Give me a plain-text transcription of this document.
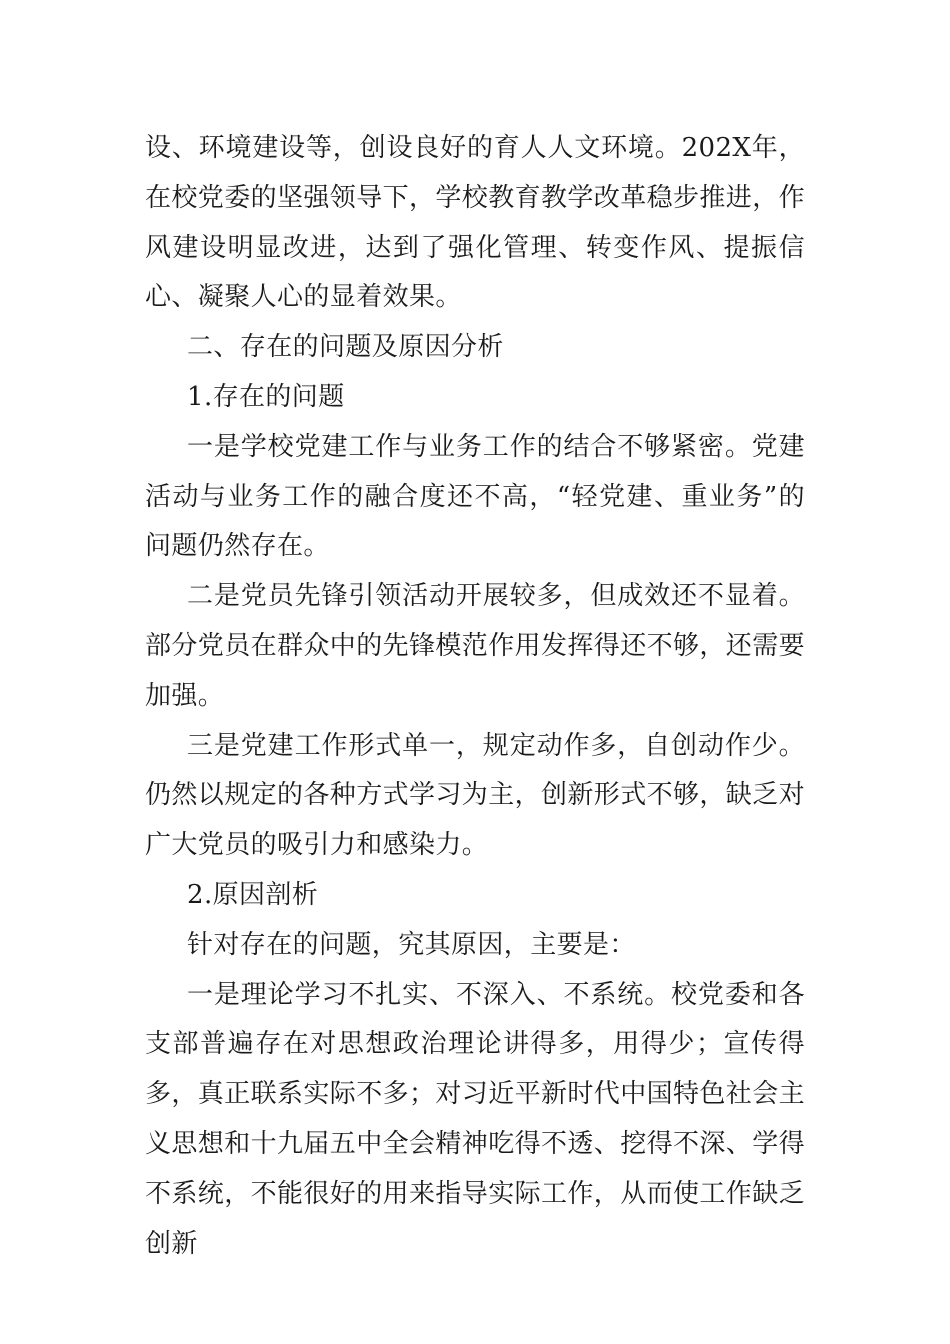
设、环境建设等，创设良好的育人人文环境。202X年，在校党委的坚强领导下，学校教育教学改革稳步推进，作风建设明显改进，达到了强化管理、转变作风、提振信心、凝聚人心的显着效果。

二、存在的问题及原因分析

1.存在的问题

一是学校党建工作与业务工作的结合不够紧密。党建活动与业务工作的融合度还不高，“轻党建、重业务”的问题仍然存在。

二是党员先锋引领活动开展较多，但成效还不显着。部分党员在群众中的先锋模范作用发挥得还不够，还需要加强。

三是党建工作形式单一，规定动作多，自创动作少。仍然以规定的各种方式学习为主，创新形式不够，缺乏对广大党员的吸引力和感染力。

2.原因剖析

针对存在的问题，究其原因，主要是：

一是理论学习不扎实、不深入、不系统。校党委和各支部普遍存在对思想政治理论讲得多，用得少；宣传得多，真正联系实际不多；对习近平新时代中国特色社会主义思想和十九届五中全会精神吃得不透、挖得不深、学得不系统，不能很好的用来指导实际工作，从而使工作缺乏创新
